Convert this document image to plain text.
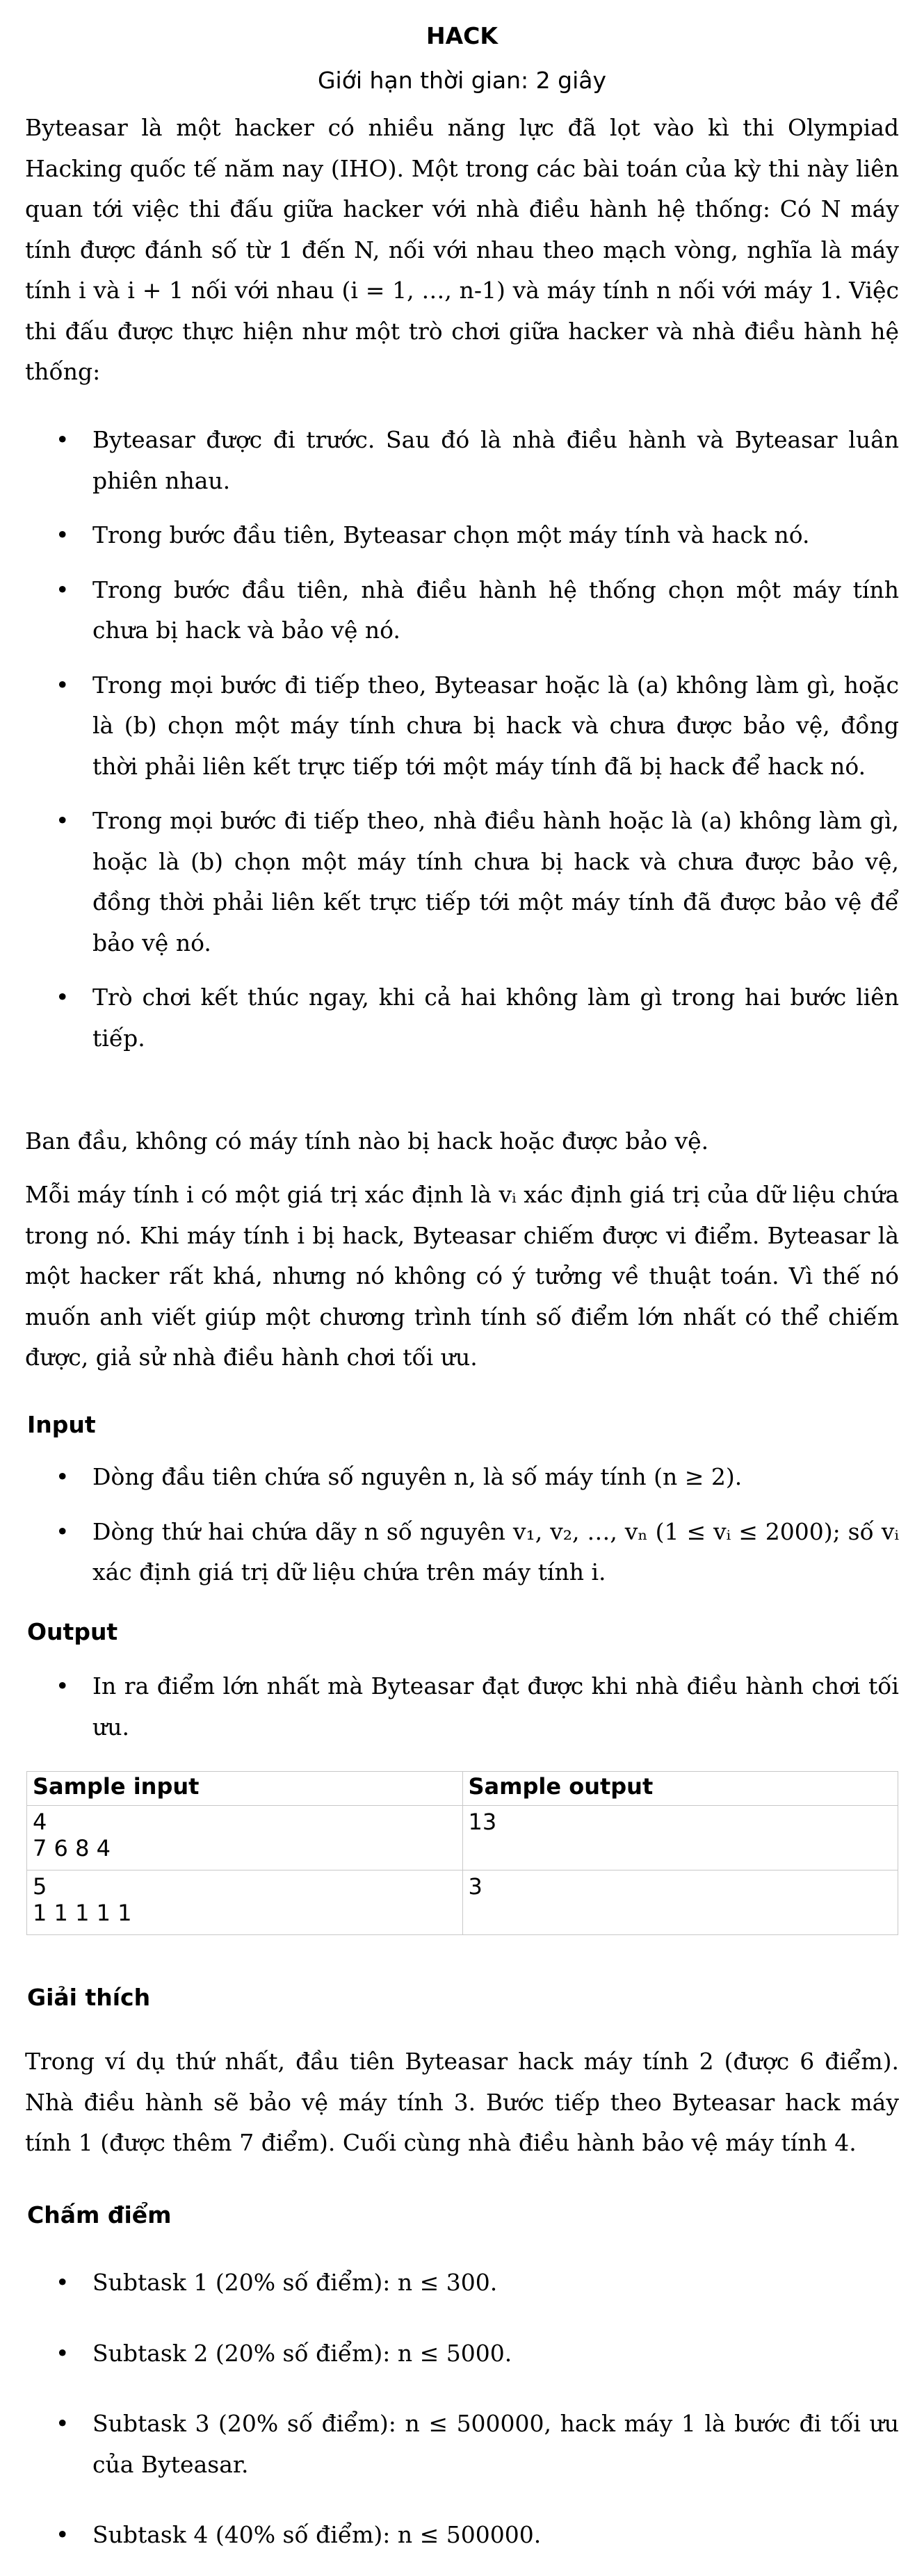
HACK
Giới hạn thời gian: 2 giây

Byteasar là một hacker có nhiều năng lực đã lọt vào kì thi Olympiad Hacking quốc tế năm nay (IHO). Một trong các bài toán của kỳ thi này liên quan tới việc thi đấu giữa hacker với nhà điều hành hệ thống: Có N máy tính được đánh số từ 1 đến N, nối với nhau theo mạch vòng, nghĩa là máy tính i và i + 1 nối với nhau (i = 1, …, n-1) và máy tính n nối với máy 1. Việc thi đấu được thực hiện như một trò chơi giữa hacker và nhà điều hành hệ thống:

• Byteasar được đi trước. Sau đó là nhà điều hành và Byteasar luân phiên nhau.
• Trong bước đầu tiên, Byteasar chọn một máy tính và hack nó.
• Trong bước đầu tiên, nhà điều hành hệ thống chọn một máy tính chưa bị hack và bảo vệ nó.
• Trong mọi bước đi tiếp theo, Byteasar hoặc là (a) không làm gì, hoặc là (b) chọn một máy tính chưa bị hack và chưa được bảo vệ, đồng thời phải liên kết trực tiếp tới một máy tính đã bị hack để hack nó.
• Trong mọi bước đi tiếp theo, nhà điều hành hoặc là (a) không làm gì, hoặc là (b) chọn một máy tính chưa bị hack và chưa được bảo vệ, đồng thời phải liên kết trực tiếp tới một máy tính đã được bảo vệ để bảo vệ nó.
• Trò chơi kết thúc ngay, khi cả hai không làm gì trong hai bước liên tiếp.

Ban đầu, không có máy tính nào bị hack hoặc được bảo vệ.

Mỗi máy tính i có một giá trị xác định là vᵢ xác định giá trị của dữ liệu chứa trong nó. Khi máy tính i bị hack, Byteasar chiếm được vi điểm. Byteasar là một hacker rất khá, nhưng nó không có ý tưởng về thuật toán. Vì thế nó muốn anh viết giúp một chương trình tính số điểm lớn nhất có thể chiếm được, giả sử nhà điều hành chơi tối ưu.

Input
• Dòng đầu tiên chứa số nguyên n, là số máy tính (n ≥ 2).
• Dòng thứ hai chứa dãy n số nguyên v₁, v₂, …, vₙ (1 ≤ vᵢ ≤ 2000); số vᵢ xác định giá trị dữ liệu chứa trên máy tính i.
Output
• In ra điểm lớn nhất mà Byteasar đạt được khi nhà điều hành chơi tối ưu.
Sample input	Sample output
4
7 6 8 4	13
5
1 1 1 1 1	3
Giải thích

Trong ví dụ thứ nhất, đầu tiên Byteasar hack máy tính 2 (được 6 điểm). Nhà điều hành sẽ bảo vệ máy tính 3. Bước tiếp theo Byteasar hack máy tính 1 (được thêm 7 điểm). Cuối cùng nhà điều hành bảo vệ máy tính 4.

Chấm điểm
• Subtask 1 (20% số điểm): n ≤ 300.
• Subtask 2 (20% số điểm): n ≤ 5000.
• Subtask 3 (20% số điểm): n ≤ 500000, hack máy 1 là bước đi tối ưu của Byteasar.
• Subtask 4 (40% số điểm): n ≤ 500000.
